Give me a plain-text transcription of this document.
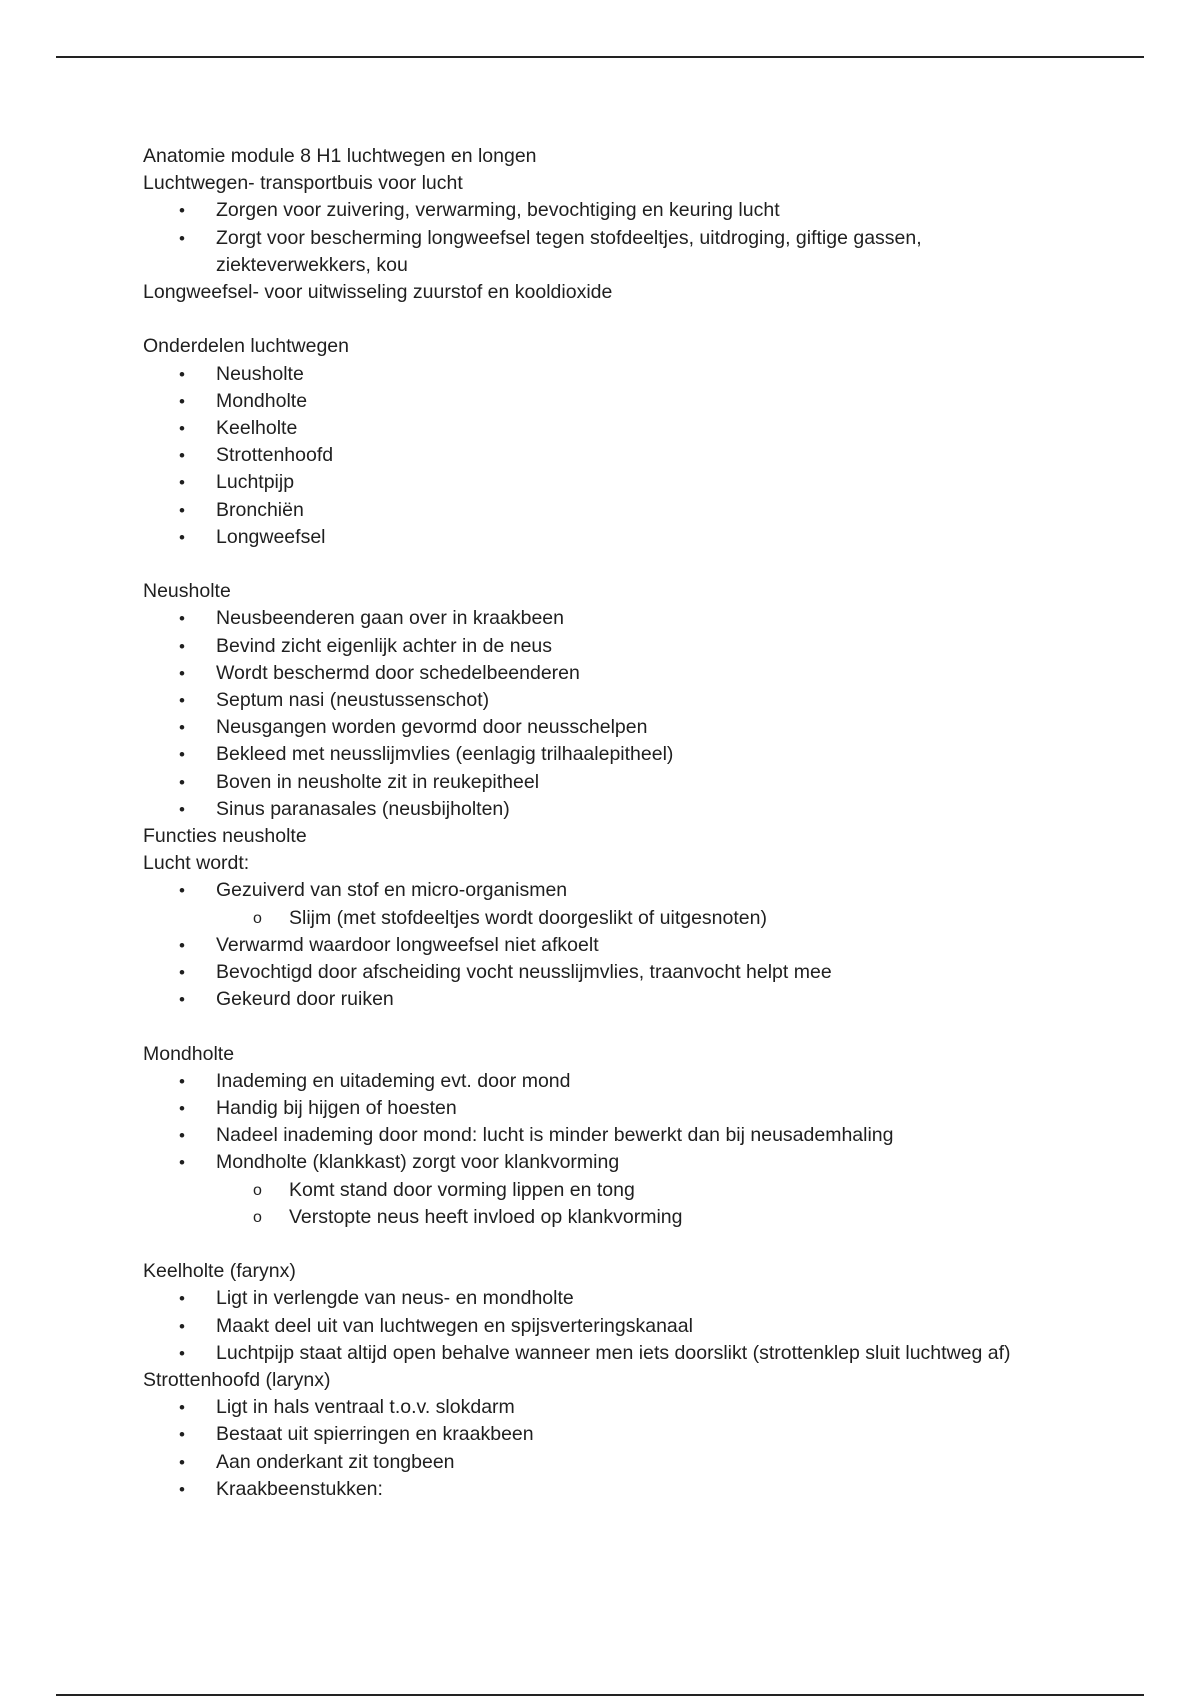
Anatomie module 8 H1 luchtwegen en longen
Luchtwegen- transportbuis voor lucht
•	Zorgen voor zuivering, verwarming, bevochtiging en keuring lucht
•	Zorgt voor bescherming longweefsel tegen stofdeeltjes, uitdroging, giftige gassen, ziekteverwekkers, kou
Longweefsel- voor uitwisseling zuurstof en kooldioxide
Onderdelen luchtwegen
•	Neusholte
•	Mondholte
•	Keelholte
•	Strottenhoofd
•	Luchtpijp
•	Bronchiën
•	Longweefsel
Neusholte
•	Neusbeenderen gaan over in kraakbeen
•	Bevind zicht eigenlijk achter in de neus
•	Wordt beschermd door schedelbeenderen
•	Septum nasi (neustussenschot)
•	Neusgangen worden gevormd door neusschelpen
•	Bekleed met neusslijmvlies (eenlagig trilhaalepitheel)
•	Boven in neusholte zit in reukepitheel
•	Sinus paranasales (neusbijholten)
Functies neusholte
Lucht wordt:
•	Gezuiverd van stof en micro-organismen
o	Slijm (met stofdeeltjes wordt doorgeslikt of uitgesnoten)
•	Verwarmd waardoor longweefsel niet afkoelt
•	Bevochtigd door afscheiding vocht neusslijmvlies, traanvocht helpt mee
•	Gekeurd door ruiken
Mondholte
•	Inademing en uitademing evt. door mond
•	Handig bij hijgen of hoesten
•	Nadeel inademing door mond: lucht is minder bewerkt dan bij neusademhaling
•	Mondholte (klankkast) zorgt voor klankvorming
o	Komt stand door vorming lippen en tong
o	Verstopte neus heeft invloed op klankvorming
Keelholte (farynx)
•	Ligt in verlengde van neus- en mondholte
•	Maakt deel uit van luchtwegen en spijsverteringskanaal
•	Luchtpijp staat altijd open behalve wanneer men iets doorslikt (strottenklep sluit luchtweg af)
Strottenhoofd (larynx)
•	Ligt in hals ventraal t.o.v. slokdarm
•	Bestaat uit spierringen en kraakbeen
•	Aan onderkant zit tongbeen
•	Kraakbeenstukken:
